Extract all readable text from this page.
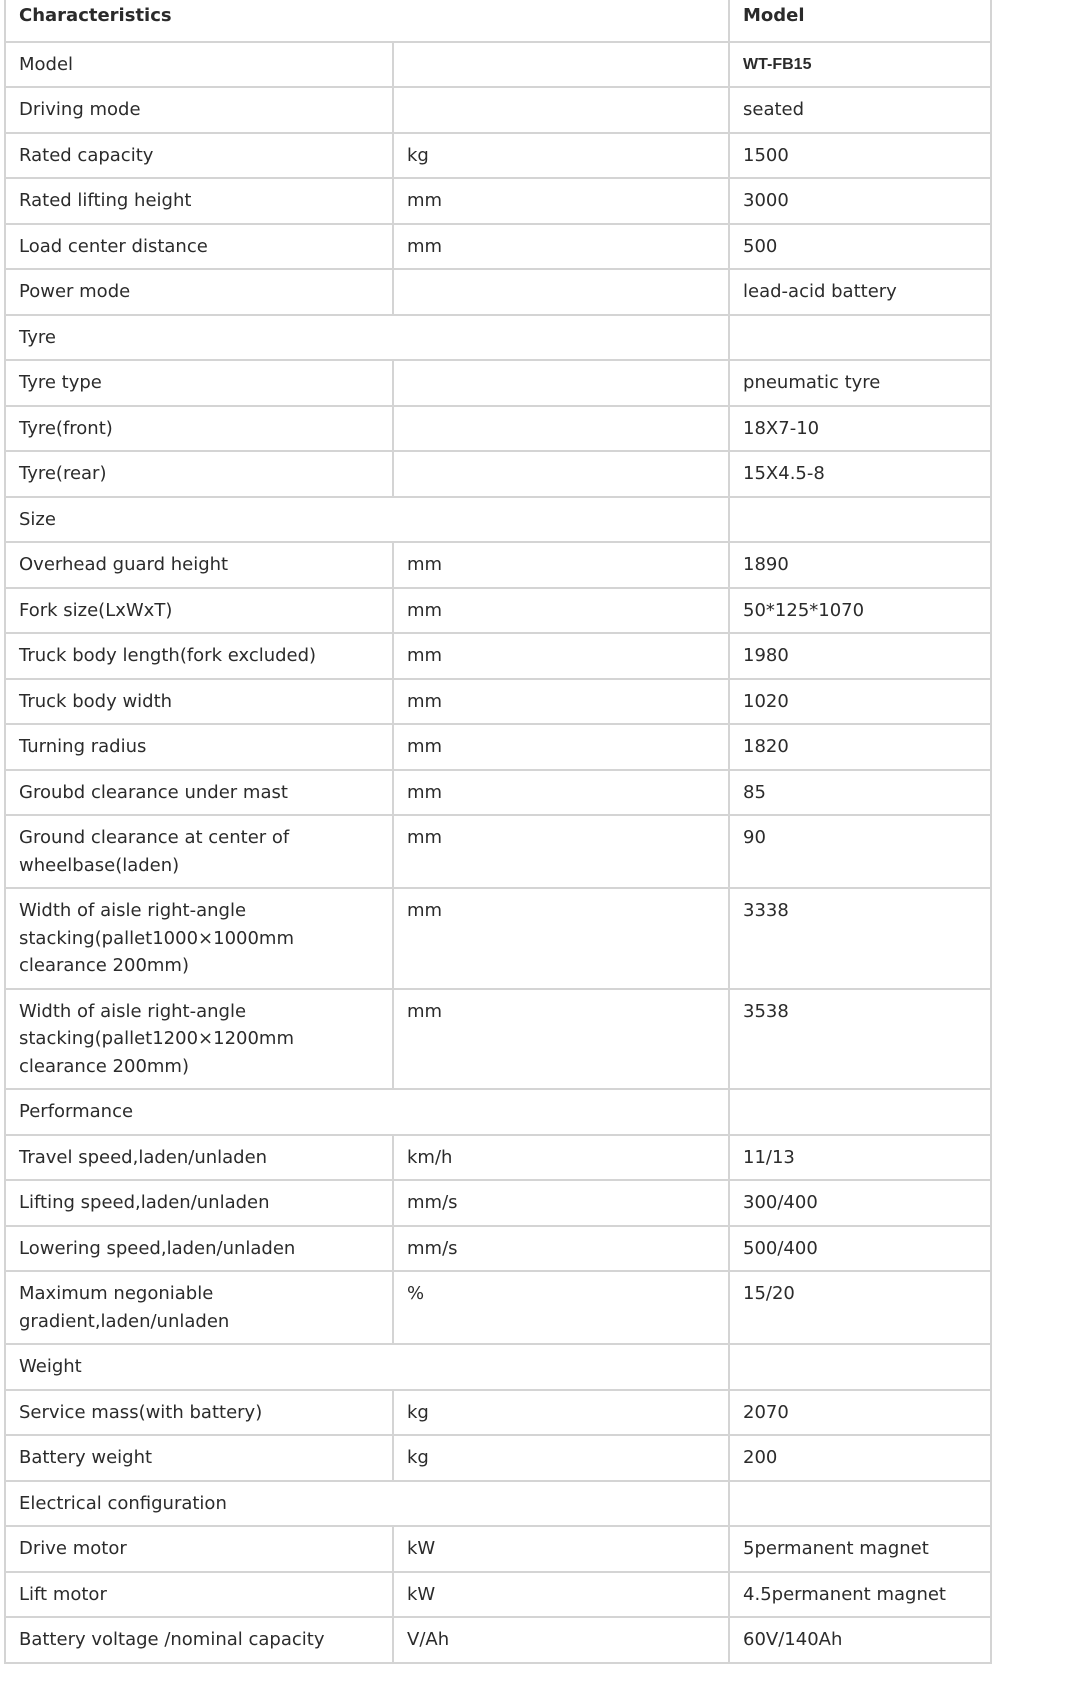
Characteristics		Model
Model		WT-FB15
Driving mode		seated
Rated capacity	kg	1500
Rated lifting height	mm	3000
Load center distance	mm	500
Power mode		lead-acid battery
Tyre		
Tyre type		pneumatic tyre
Tyre(front)		18X7-10
Tyre(rear)		15X4.5-8
Size		
Overhead guard height	mm	1890
Fork size(LxWxT)	mm	50*125*1070
Truck body length(fork excluded)	mm	1980
Truck body width	mm	1020
Turning radius	mm	1820
Groubd clearance under mast	mm	85
Ground clearance at center of wheelbase(laden)	mm	90
Width of aisle right-angle stacking(pallet1000×1000mm clearance 200mm)	mm	3338
Width of aisle right-angle stacking(pallet1200×1200mm clearance 200mm)	mm	3538
Performance		
Travel speed,laden/unladen	km/h	11/13
Lifting speed,laden/unladen	mm/s	300/400
Lowering speed,laden/unladen	mm/s	500/400
Maximum negoniable gradient,laden/unladen	%	15/20
Weight		
Service mass(with battery)	kg	2070
Battery weight	kg	200
Electrical configuration		
Drive motor	kW	5permanent magnet
Lift motor	kW	4.5permanent magnet
Battery voltage /nominal capacity	V/Ah	60V/140Ah
